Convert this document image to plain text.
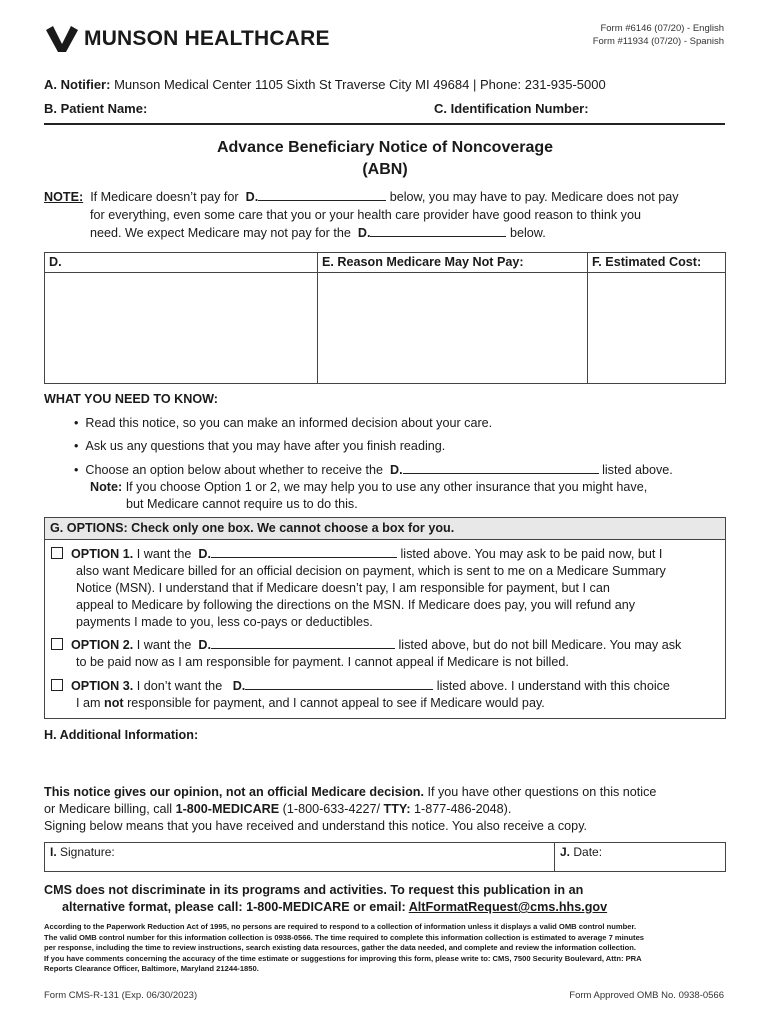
MUNSON HEALTHCARE	Form #6146 (07/20) - English
Form #11934 (07/20) - Spanish
A. Notifier: Munson Medical Center 1105 Sixth St Traverse City MI 49684 | Phone: 231-935-5000
B. Patient Name:	C. Identification Number:
Advance Beneficiary Notice of Noncoverage
(ABN)
NOTE: If Medicare doesn’t pay for D.	below, you may have to pay. Medicare does not pay
for everything, even some care that you or your health care provider have good reason to think you
need. We expect Medicare may not pay for the D.	below.
D.	E. Reason Medicare May Not Pay:	F. Estimated Cost:

WHAT YOU NEED TO KNOW:
•  Read this notice, so you can make an informed decision about your care.
•  Ask us any questions that you may have after you finish reading.
•  Choose an option below about whether to receive the D.	listed above.
Note: If you choose Option 1 or 2, we may help you to use any other insurance that you might have,
but Medicare cannot require us to do this.
G. OPTIONS: Check only one box. We cannot choose a box for you.
OPTION 1. I want the D.	listed above. You may ask to be paid now, but I
also want Medicare billed for an official decision on payment, which is sent to me on a Medicare Summary
Notice (MSN). I understand that if Medicare doesn’t pay, I am responsible for payment, but I can
appeal to Medicare by following the directions on the MSN. If Medicare does pay, you will refund any
payments I made to you, less co-pays or deductibles.
OPTION 2. I want the D.	listed above, but do not bill Medicare. You may ask
to be paid now as I am responsible for payment. I cannot appeal if Medicare is not billed.
OPTION 3. I don’t want the D.	listed above. I understand with this choice
I am not responsible for payment, and I cannot appeal to see if Medicare would pay.
H. Additional Information:
This notice gives our opinion, not an official Medicare decision. If you have other questions on this notice
or Medicare billing, call 1-800-MEDICARE (1-800-633-4227/ TTY: 1-877-486-2048).
Signing below means that you have received and understand this notice. You also receive a copy.
I. Signature:	J. Date:
CMS does not discriminate in its programs and activities. To request this publication in an
alternative format, please call: 1-800-MEDICARE or email: AltFormatRequest@cms.hhs.gov
According to the Paperwork Reduction Act of 1995, no persons are required to respond to a collection of information unless it displays a valid OMB control number.
The valid OMB control number for this information collection is 0938-0566. The time required to complete this information collection is estimated to average 7 minutes
per response, including the time to review instructions, search existing data resources, gather the data needed, and complete and review the information collection.
If you have comments concerning the accuracy of the time estimate or suggestions for improving this form, please write to: CMS, 7500 Security Boulevard, Attn: PRA
Reports Clearance Officer, Baltimore, Maryland 21244-1850.
Form CMS-R-131 (Exp. 06/30/2023)	Form Approved OMB No. 0938-0566
